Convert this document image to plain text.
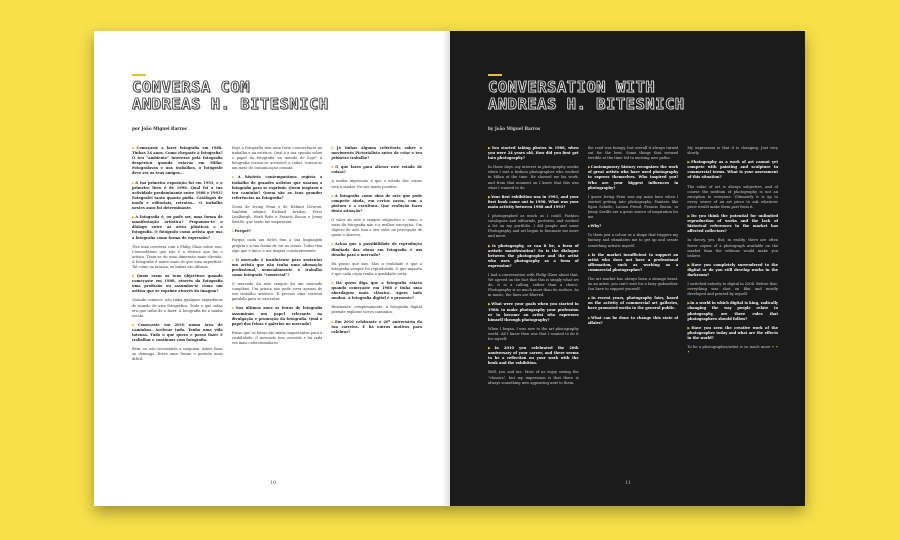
CONVERSA COM
ANDREAS H. BITESNICH
por João Miguel Barros

▶Começaste a fazer fotografia em 1988. Tinhas 24 anos. Como chegaste à fotografia? O teu "ambiente" interesse pela fotografia despertou quando estavas em Milão. Fotografavas e nos trabalhos, o fotógrafo deve ser os teus amigos...

▶A tua primeira exposição foi em 1993, e o primeiro livro é de 1998. Qual foi a tua actividade predominante entre 1988 e 1993? Fotografei tanto quanto podia. Catálogos de moda e editoriais, retratos... O trabalho nestes anos foi determinante.

▶A fotografia é, ou pode ser, uma forma de manifestação artística? Propomos-te o diálogo entre as artes plásticas e a fotografia. O fotógrafo como artista que usa a fotografia como forma de expressão?

Tive uma conversa com o Philip Glass sobre isso. Concordámos que não é a técnica que faz o artista. Trata-se de uma dimensão mais elevada. A fotografia é muito mais do que uma superfície. Tal como na música, as linhas são difusas.

▶Quais eram os teus objectivos quando começaste em 1988, através da fotografia uma profissão ou assumias-te como um artista que se exprime através da imagem?

Quando comecei, não tinha qualquer experiência de mundo de arte fotográfica. Tudo o que sabia era que tinha de o fazer. A fotografia foi a minha escola.

▶Começaste em 2010 numa área de caminhos. Acelerar tudo. Tenho uma vida intensa. Tudo o que quero e posso fazer é trabalhar e continuar com fotografia.

Bem, eu não recomendo a ninguém. Antes fazia ao domingo. Estes anos foram o período mais difícil.

Hoje a fotografia tem uma forte concorrência no trabalho e na estética. Qual é a tua opinião sobre o papel da fotografia no mundo de hoje? A fotografia tornou-se acessível a todos, tornou-se um meio de comunicação comum.

▶A história contemporânea regista a trabalho de grandes artistas que usaram a fotografia para se exprimir. Quem inspirou o teu caminho? Quem são os teus grandes referências na fotografia?

Gosto de Irving Penn e de Helmut Newton. Também admiro Richard Avedon, Peter Lindbergh, Herb Ritts e Francis Bacon e Jenny Saville, que tanto me inspiraram.

▶Porquê?

Porque cada um deles tem a sua linguagem própria e a sua forma de ver as coisas. Todos têm algo que é único e me inspira constantemente.

▶O mercado é insuficiente para sustentar um artista que não tenha uma afirmação profissional, nomeadamente o trabalho como fotógrafo "comercial"?

O mercado da arte sempre foi um mercado complexo. Um artista não pode viver apenas do seu trabalho artístico. É preciso uma carreira paralela para se sustentar.

▶Nos últimos anos as feiras de fotografia assumiram um papel relevante na divulgação e promoção da fotografia. Qual o papel das feiras e galerias no mercado?

Penso que as feiras são muito importantes para a visibilidade. O mercado tem crescido e há cada vez mais coleccionadores.

▶Já tinhas alguma referência sobre o movimento Pictorialista antes de criar o teu primeiro trabalho?

▶O que fazes para alterar este estado de coisas?

A minha impressão é que o estado das coisas está a mudar. Eu sou muito positivo.

▶A fotografia como obra de arte que pode competir ainda, em certos casos, com a pintura e a escultura. Que evolução fazes desta situação?

O valor da arte é sempre subjectivo e, claro, o meio da fotografia não é a melhor excepção. Um objecto de arte tem o seu valor na percepção de quem o observa.

▶Achas que a possibilidade de reprodução ilimitada das obras em fotografia é um desafio para o mercado?

Eu penso que sim. Mas a realidade é que a fotografia sempre foi reproduzida. O que importa é que cada cópia tenha a qualidade certa.

▶Há quem diga que a fotografia estava quando começaste em 1988 e tinha uma abordagem mais clássica. Agora tudo mudou. A fotografia digital é o presente?

Realmente, completamente. A fotografia digital permite explorar novos caminhos.

▶Em 2010 celebraste o 20º aniversário da tua carreira. E há outros motivos para celebrar?

10
CONVERSATION WITH
ANDREAS H. BITESNICH
by João Miguel Barros

▶You started taking photos in 1988, when you were 24 years old. How did you first get into photography?

In those days, my interest in photography awoke when I met a fashion photographer who worked in Milan at the time. He showed me his work, and from that moment on I knew that this was what I wanted to do.

▶Your first exhibition was in 1993, and your first book came out in 1998. What was your main activity between 1988 and 1993?

I photographed as much as I could. Fashion catalogues and editorials, portraits, and worked a lot on my portfolio. I did people and some Photography and art began to fascinate me more and more.

▶Is photography, or can it be, a form of artistic manifestation? So is the dialogue between the photographer and the artist who uses photography as a form of expression?

I had a conversation with Philip Glass about that. We agreed on the fact that this is simply what we do: it is a calling, rather than a choice. Photography is so much more than its surface. As in music, the lines are blurred.

▶What were your goals when you started in 1988: to make photography your profession or to become an artist who expresses himself through photography?

When I began, I was new to the art photography world. All I knew then was that I wanted to do it for myself.

▶In 2010 you celebrated the 20th anniversary of your career, and there seems to be a reflection on your work with the book and the exhibition.

Well, you and me. Most of us enjoy seeing the "classics", but my impression is that there is always something new appearing next to them.

the road was bumpy, but overall it always turned out for the best. Some things that seemed terrible at the time led to exciting new paths.

▶Contemporary history recognizes the work of great artists who have used photography to express themselves. Who inspired you? Who are your biggest influences in photography?

I guess Irving Penn was my main hero when I started getting into photography. Painters like Egon Schiele, Lucian Freud, Francis Bacon, or Jenny Saville are a great source of inspiration for me.

▶Why?

To them just a colour or a shape that triggers my fantasy and stimulates me to get up and create something artistic myself.

▶Is the market insufficient to support an artist who does not have a professional affirmation, such as working as a commercial photographer?

The art market has always been a strange beast. As an artist, you can't wait for a fairy godmother. You have to support yourself.

▶In recent years, photography fairs, based on the activity of commercial art galleries, have promoted works to the general public.

▶What can be done to change this state of affairs?

My impression is that it is changing. Just very slowly.

▶Photography as a work of art cannot yet compete with painting and sculpture in commercial terms. What is your assessment of this situation?

The value of art is always subjective, and of course the medium of photography is not an exception to everyone. Ultimately it is up to every owner of an art piece to ask whatever price would make them part from it.

▶Do you think the potential for unlimited reproduction of works and the lack of historical references in the market has affected collectors?

In theory, yes. But, in reality, there are often fewer copies of a photograph available on the market than the editions would make you believe.

▶Have you completely surrendered to the digital or do you still develop works in the darkroom?

I switched entirely to digital in 2004. Before that, everything was shot on film and mostly developed and printed by myself.

▶In a world in which digital is king, radically changing the way people relate to photography, are there rules that photographers should follow?

▶Have you seen the creative work of the photographer today and what are the effects in the world?

To be a photographer/artist is so much more • • •

11
